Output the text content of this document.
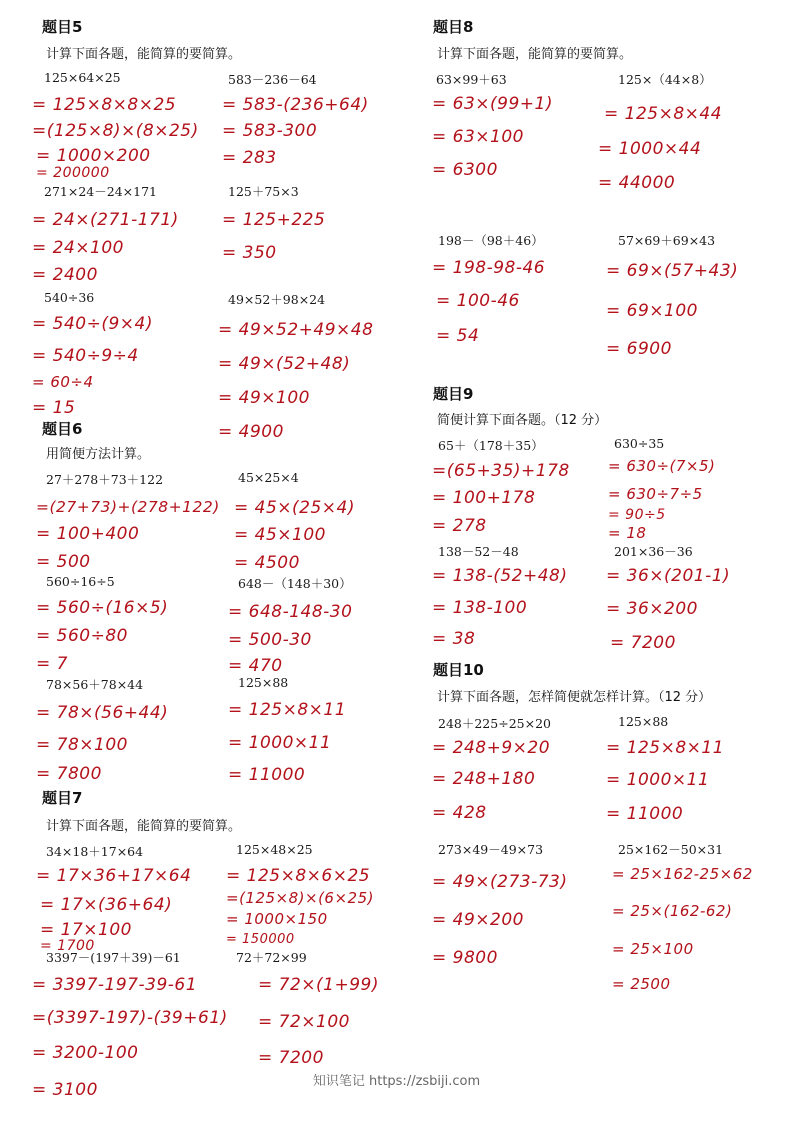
题目5
计算下面各题，能简算的要简算。
125×64×25
= 125×8×8×25
=(125×8)×(8×25)
= 1000×200
= 200000
583－236－64
= 583-(236+64)
= 583-300
= 283
271×24－24×171
= 24×(271-171)
= 24×100
= 2400
125＋75×3
= 125+225
= 350
540÷36
= 540÷(9×4)
= 540÷9÷4
= 60÷4
= 15
49×52＋98×24
= 49×52+49×48
= 49×(52+48)
= 49×100
= 4900
题目6
用简便方法计算。
27＋278＋73＋122
=(27+73)+(278+122)
= 100+400
= 500
45×25×4
= 45×(25×4)
= 45×100
= 4500
560÷16÷5
= 560÷(16×5)
= 560÷80
= 7
648－（148＋30）
= 648-148-30
= 500-30
= 470
78×56＋78×44
= 78×(56+44)
= 78×100
= 7800
125×88
= 125×8×11
= 1000×11
= 11000
题目7
计算下面各题，能简算的要简算。
34×18＋17×64
= 17×36+17×64
= 17×(36+64)
= 17×100
= 1700
125×48×25
= 125×8×6×25
=(125×8)×(6×25)
= 1000×150
= 150000
3397－(197＋39)－61
= 3397-197-39-61
=(3397-197)-(39+61)
= 3200-100
= 3100
72＋72×99
= 72×(1+99)
= 72×100
= 7200
题目8
计算下面各题，能简算的要简算。
63×99＋63
= 63×(99+1)
= 63×100
= 6300
125×（44×8）
= 125×8×44
= 1000×44
= 44000
198－（98＋46）
= 198-98-46
= 100-46
= 54
57×69＋69×43
= 69×(57+43)
= 69×100
= 6900
题目9
简便计算下面各题。（12 分）
65＋（178＋35）
=(65+35)+178
= 100+178
= 278
630÷35
= 630÷(7×5)
= 630÷7÷5
= 90÷5
= 18
138－52－48
= 138-(52+48)
= 138-100
= 38
201×36－36
= 36×(201-1)
= 36×200
= 7200
题目10
计算下面各题，怎样简便就怎样计算。（12 分）
248＋225÷25×20
= 248+9×20
= 248+180
= 428
125×88
= 125×8×11
= 1000×11
= 11000
273×49－49×73
= 49×(273-73)
= 49×200
= 9800
25×162－50×31
= 25×162-25×62
= 25×(162-62)
= 25×100
= 2500
知识笔记 https://zsbiji.com
